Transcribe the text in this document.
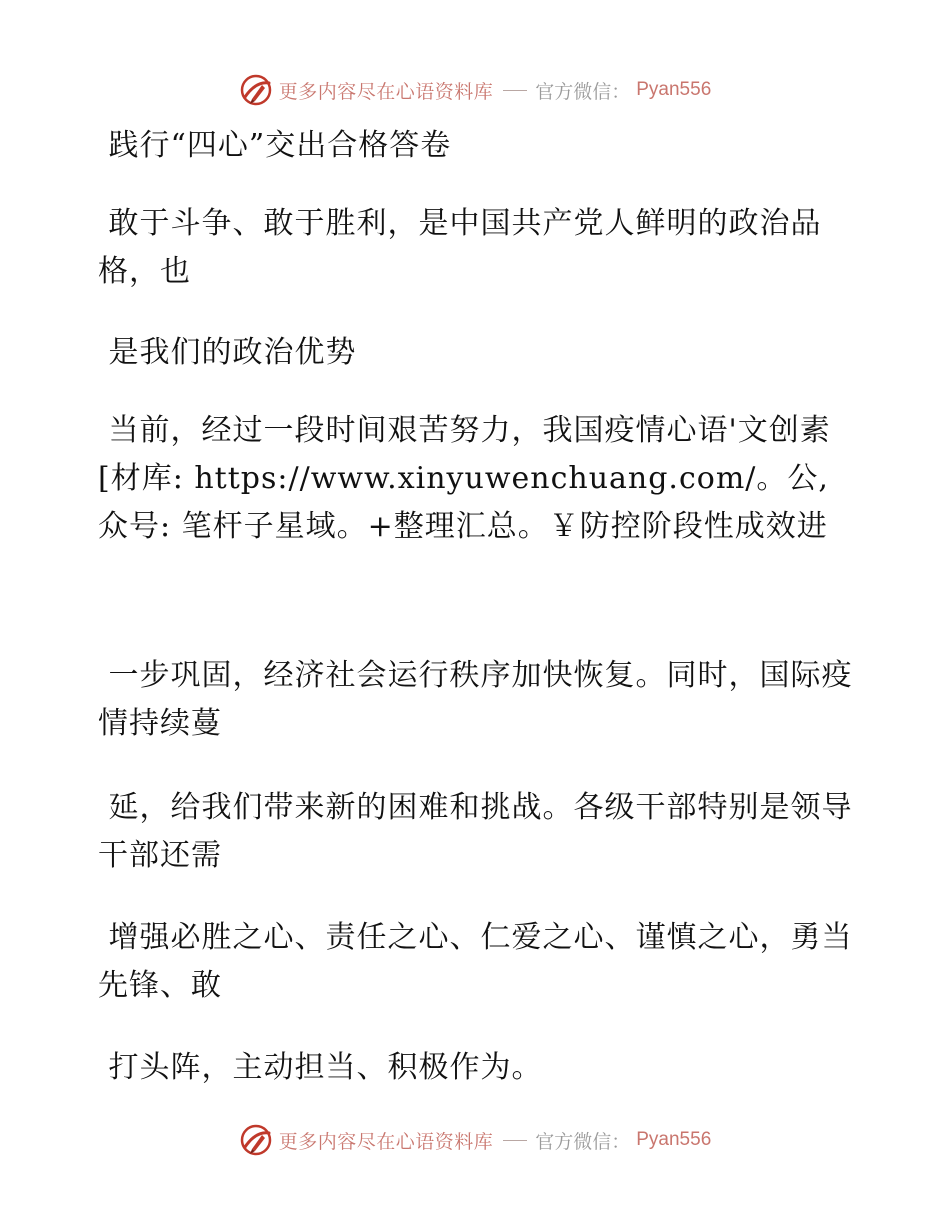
更多内容尽在心语资料库 官方微信： Pyan556

践行“四心”交出合格答卷

敢于斗争、敢于胜利，是中国共产党人鲜明的政治品格，也

是我们的政治优势

当前，经过一段时间艰苦努力，我国疫情心语'文创素[材库: https://www.xinyuwenchuang.com/。公,众号: 笔杆子星域。+整理汇总。￥防控阶段性成效进

一步巩固，经济社会运行秩序加快恢复。同时，国际疫情持续蔓

延，给我们带来新的困难和挑战。各级干部特别是领导干部还需

增强必胜之心、责任之心、仁爱之心、谨慎之心，勇当先锋、敢

打头阵，主动担当、积极作为。

更多内容尽在心语资料库 官方微信： Pyan556
